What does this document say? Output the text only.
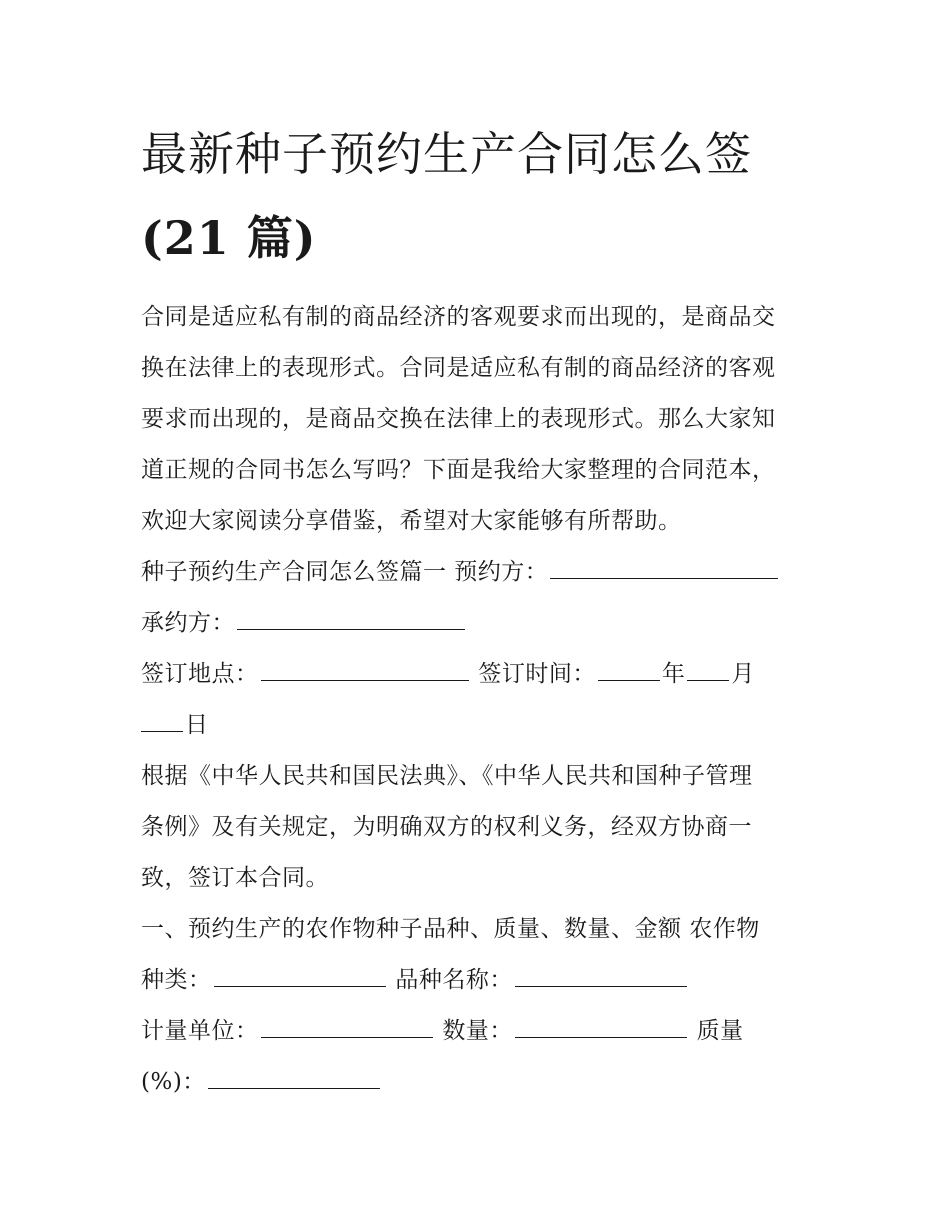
最新种子预约生产合同怎么签
(21 篇)
合同是适应私有制的商品经济的客观要求而出现的，是商品交
换在法律上的表现形式。合同是适应私有制的商品经济的客观
要求而出现的，是商品交换在法律上的表现形式。那么大家知
道正规的合同书怎么写吗？下面是我给大家整理的合同范本，
欢迎大家阅读分享借鉴，希望对大家能够有所帮助。
种子预约生产合同怎么签篇一 预约方：
承约方：
签订地点：	签订时间：	年 月
日
根据《中华人民共和国民法典》、《中华人民共和国种子管理
条例》及有关规定，为明确双方的权利义务，经双方协商一
致，签订本合同。
一、预约生产的农作物种子品种、质量、数量、金额 农作物
种类：	品种名称：
计量单位：	数量：	质量
(%)：
